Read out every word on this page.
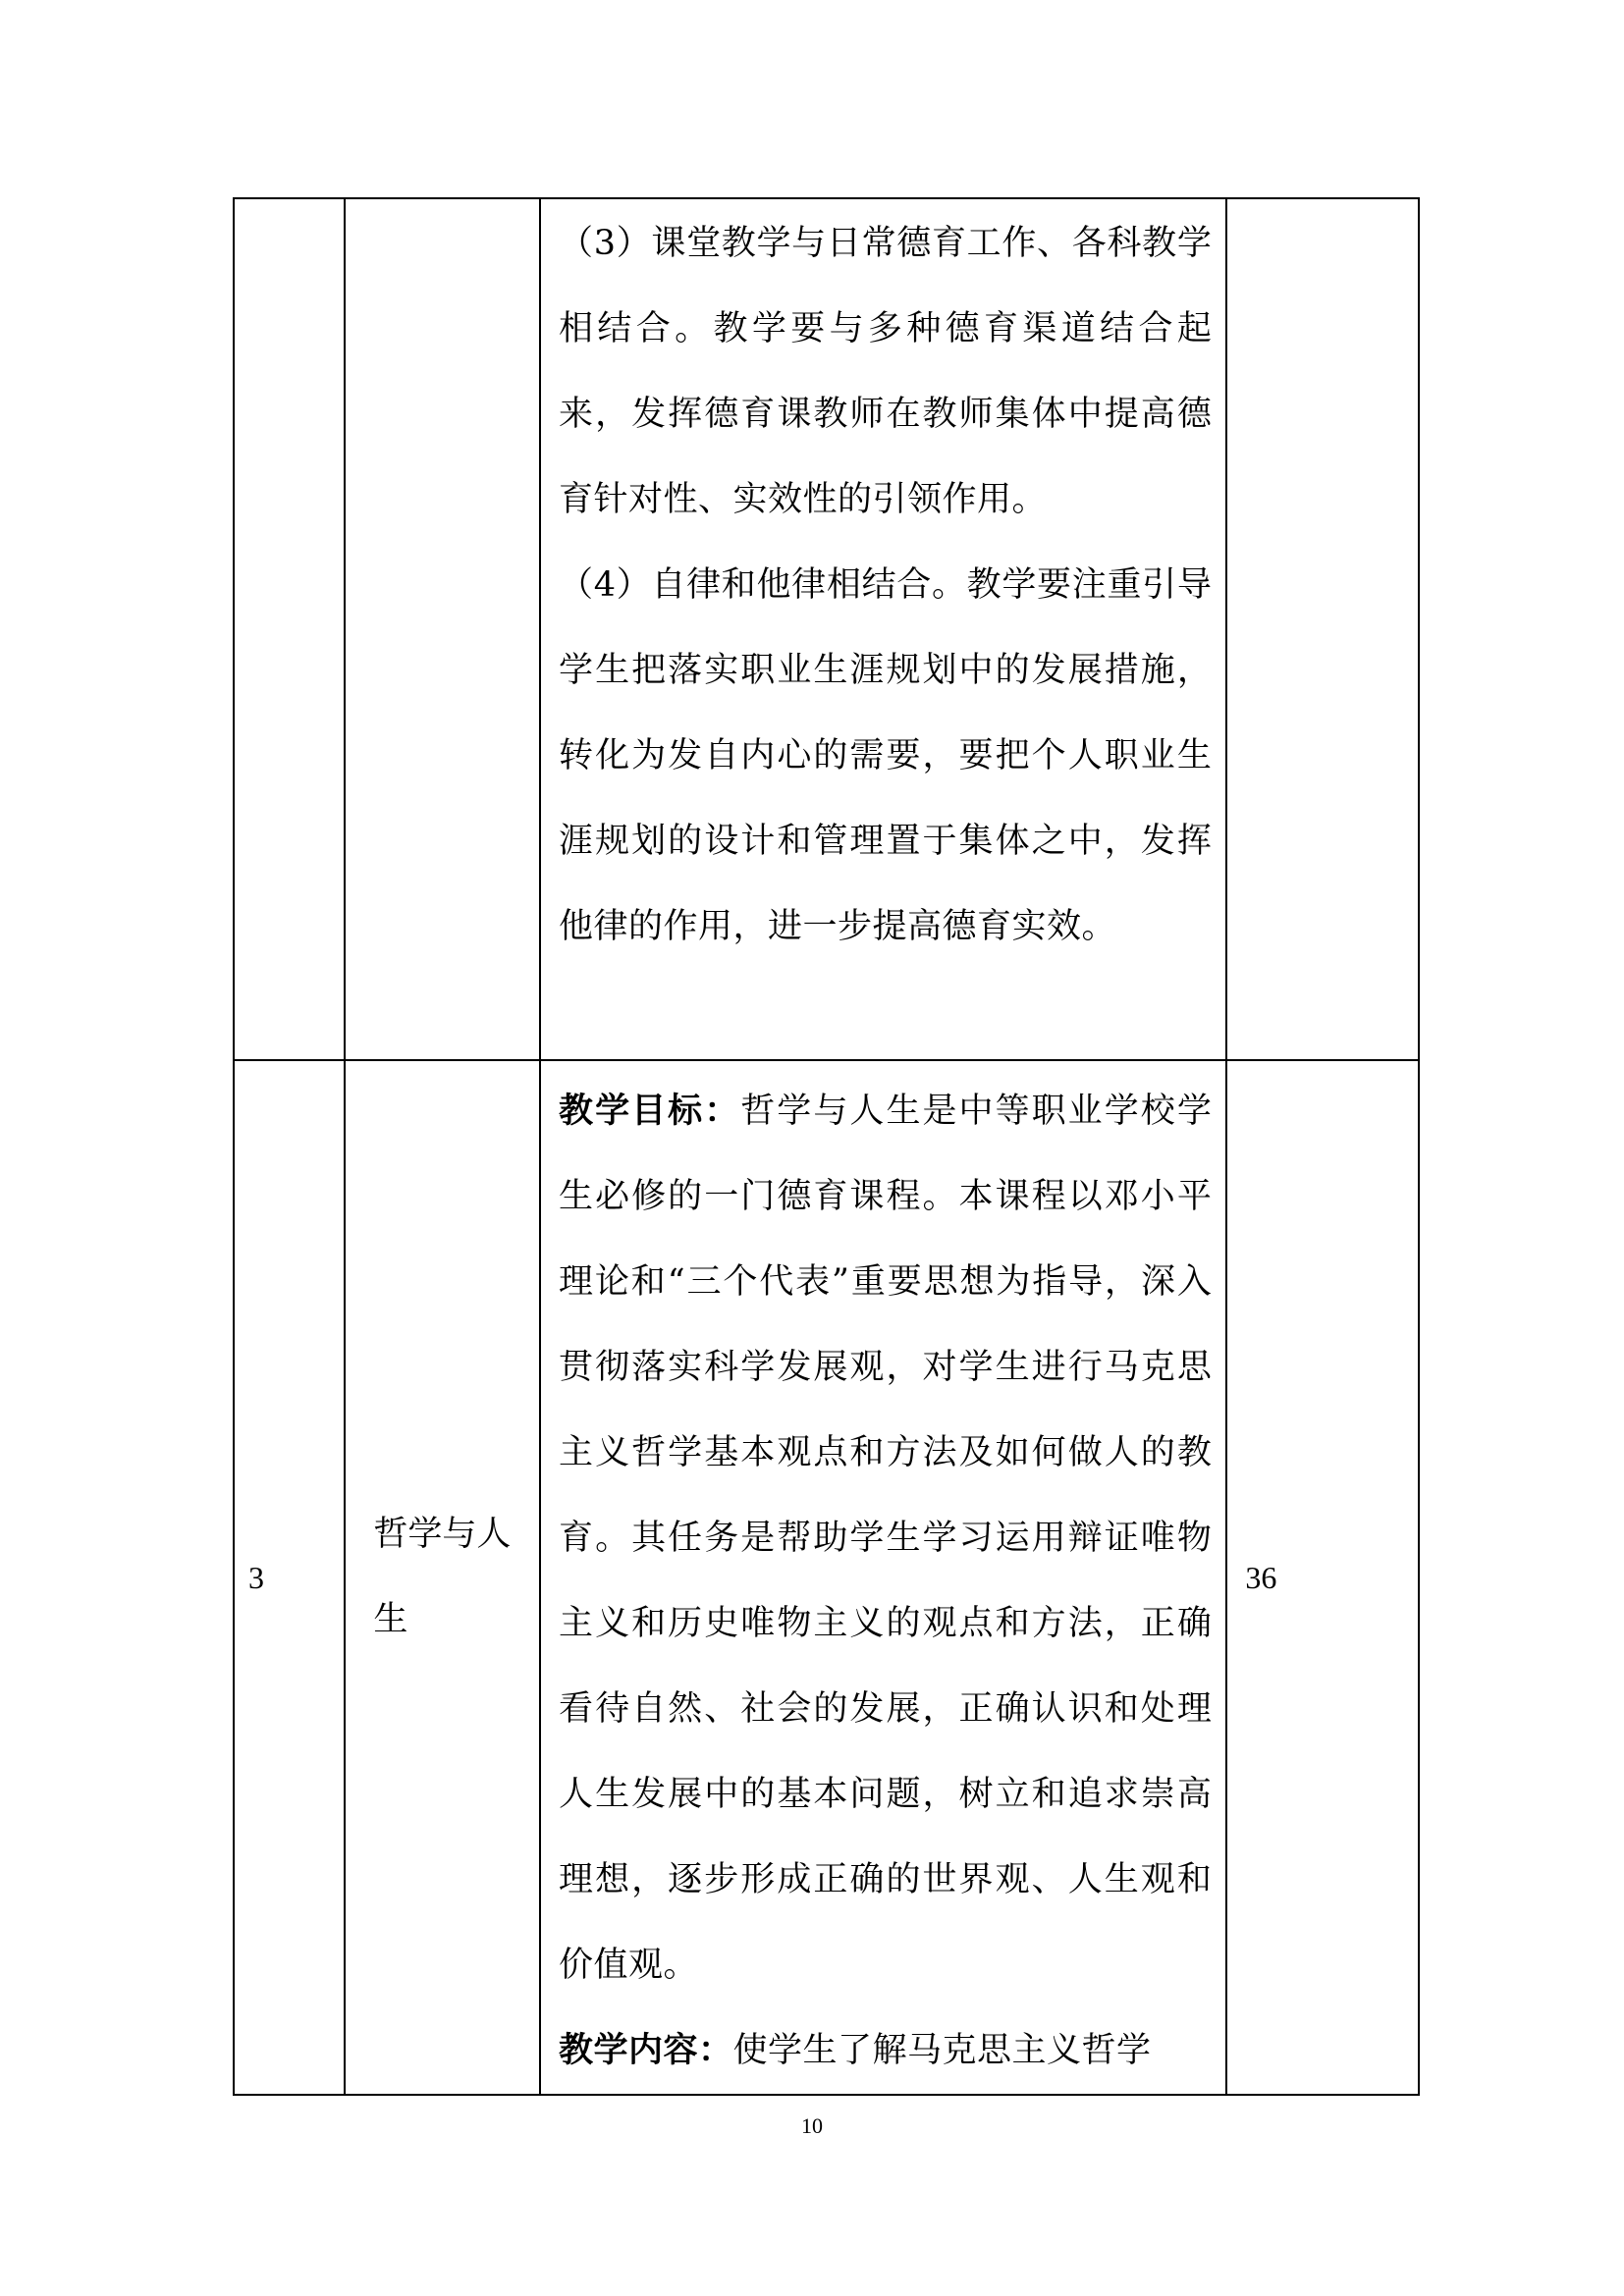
		（3）课堂教学与日常德育工作、各科教学相结合。教学要与多种德育渠道结合起来，发挥德育课教师在教师集体中提高德育针对性、实效性的引领作用。

（4）自律和他律相结合。教学要注重引导学生把落实职业生涯规划中的发展措施，转化为发自内心的需要，要把个人职业生涯规划的设计和管理置于集体之中，发挥他律的作用，进一步提高德育实效。	

3	哲学与人生	教学目标：哲学与人生是中等职业学校学生必修的一门德育课程。本课程以邓小平理论和“三个代表”重要思想为指导，深入贯彻落实科学发展观，对学生进行马克思主义哲学基本观点和方法及如何做人的教育。其任务是帮助学生学习运用辩证唯物主义和历史唯物主义的观点和方法，正确看待自然、社会的发展，正确认识和处理人生发展中的基本问题，树立和追求崇高理想，逐步形成正确的世界观、人生观和价值观。

教学内容：使学生了解马克思主义哲学	36
10
